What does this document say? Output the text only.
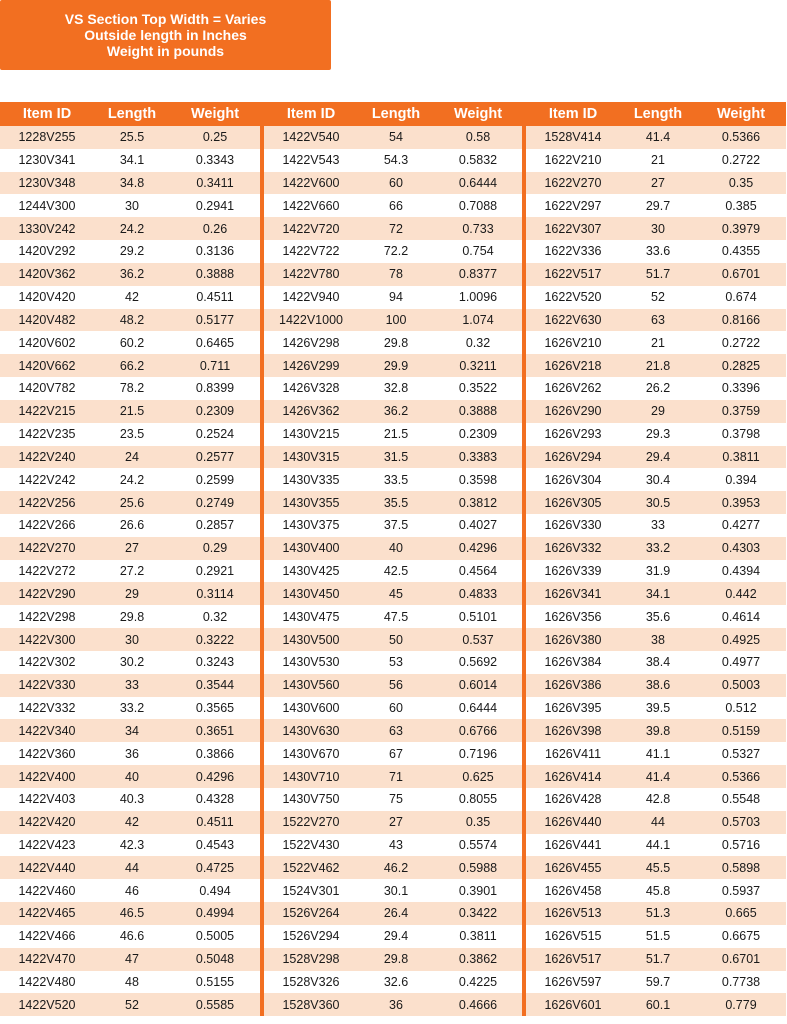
VS Section Top Width = Varies
Outside length in Inches
Weight in pounds
Item ID	Length	Weight
1228V255	25.5	0.25
1230V341	34.1	0.3343
1230V348	34.8	0.3411
1244V300	30	0.2941
1330V242	24.2	0.26
1420V292	29.2	0.3136
1420V362	36.2	0.3888
1420V420	42	0.4511
1420V482	48.2	0.5177
1420V602	60.2	0.6465
1420V662	66.2	0.711
1420V782	78.2	0.8399
1422V215	21.5	0.2309
1422V235	23.5	0.2524
1422V240	24	0.2577
1422V242	24.2	0.2599
1422V256	25.6	0.2749
1422V266	26.6	0.2857
1422V270	27	0.29
1422V272	27.2	0.2921
1422V290	29	0.3114
1422V298	29.8	0.32
1422V300	30	0.3222
1422V302	30.2	0.3243
1422V330	33	0.3544
1422V332	33.2	0.3565
1422V340	34	0.3651
1422V360	36	0.3866
1422V400	40	0.4296
1422V403	40.3	0.4328
1422V420	42	0.4511
1422V423	42.3	0.4543
1422V440	44	0.4725
1422V460	46	0.494
1422V465	46.5	0.4994
1422V466	46.6	0.5005
1422V470	47	0.5048
1422V480	48	0.5155
1422V520	52	0.5585
Item ID	Length	Weight
1422V540	54	0.58
1422V543	54.3	0.5832
1422V600	60	0.6444
1422V660	66	0.7088
1422V720	72	0.733
1422V722	72.2	0.754
1422V780	78	0.8377
1422V940	94	1.0096
1422V1000	100	1.074
1426V298	29.8	0.32
1426V299	29.9	0.3211
1426V328	32.8	0.3522
1426V362	36.2	0.3888
1430V215	21.5	0.2309
1430V315	31.5	0.3383
1430V335	33.5	0.3598
1430V355	35.5	0.3812
1430V375	37.5	0.4027
1430V400	40	0.4296
1430V425	42.5	0.4564
1430V450	45	0.4833
1430V475	47.5	0.5101
1430V500	50	0.537
1430V530	53	0.5692
1430V560	56	0.6014
1430V600	60	0.6444
1430V630	63	0.6766
1430V670	67	0.7196
1430V710	71	0.625
1430V750	75	0.8055
1522V270	27	0.35
1522V430	43	0.5574
1522V462	46.2	0.5988
1524V301	30.1	0.3901
1526V264	26.4	0.3422
1526V294	29.4	0.3811
1528V298	29.8	0.3862
1528V326	32.6	0.4225
1528V360	36	0.4666
Item ID	Length	Weight
1528V414	41.4	0.5366
1622V210	21	0.2722
1622V270	27	0.35
1622V297	29.7	0.385
1622V307	30	0.3979
1622V336	33.6	0.4355
1622V517	51.7	0.6701
1622V520	52	0.674
1622V630	63	0.8166
1626V210	21	0.2722
1626V218	21.8	0.2825
1626V262	26.2	0.3396
1626V290	29	0.3759
1626V293	29.3	0.3798
1626V294	29.4	0.3811
1626V304	30.4	0.394
1626V305	30.5	0.3953
1626V330	33	0.4277
1626V332	33.2	0.4303
1626V339	31.9	0.4394
1626V341	34.1	0.442
1626V356	35.6	0.4614
1626V380	38	0.4925
1626V384	38.4	0.4977
1626V386	38.6	0.5003
1626V395	39.5	0.512
1626V398	39.8	0.5159
1626V411	41.1	0.5327
1626V414	41.4	0.5366
1626V428	42.8	0.5548
1626V440	44	0.5703
1626V441	44.1	0.5716
1626V455	45.5	0.5898
1626V458	45.8	0.5937
1626V513	51.3	0.665
1626V515	51.5	0.6675
1626V517	51.7	0.6701
1626V597	59.7	0.7738
1626V601	60.1	0.779
